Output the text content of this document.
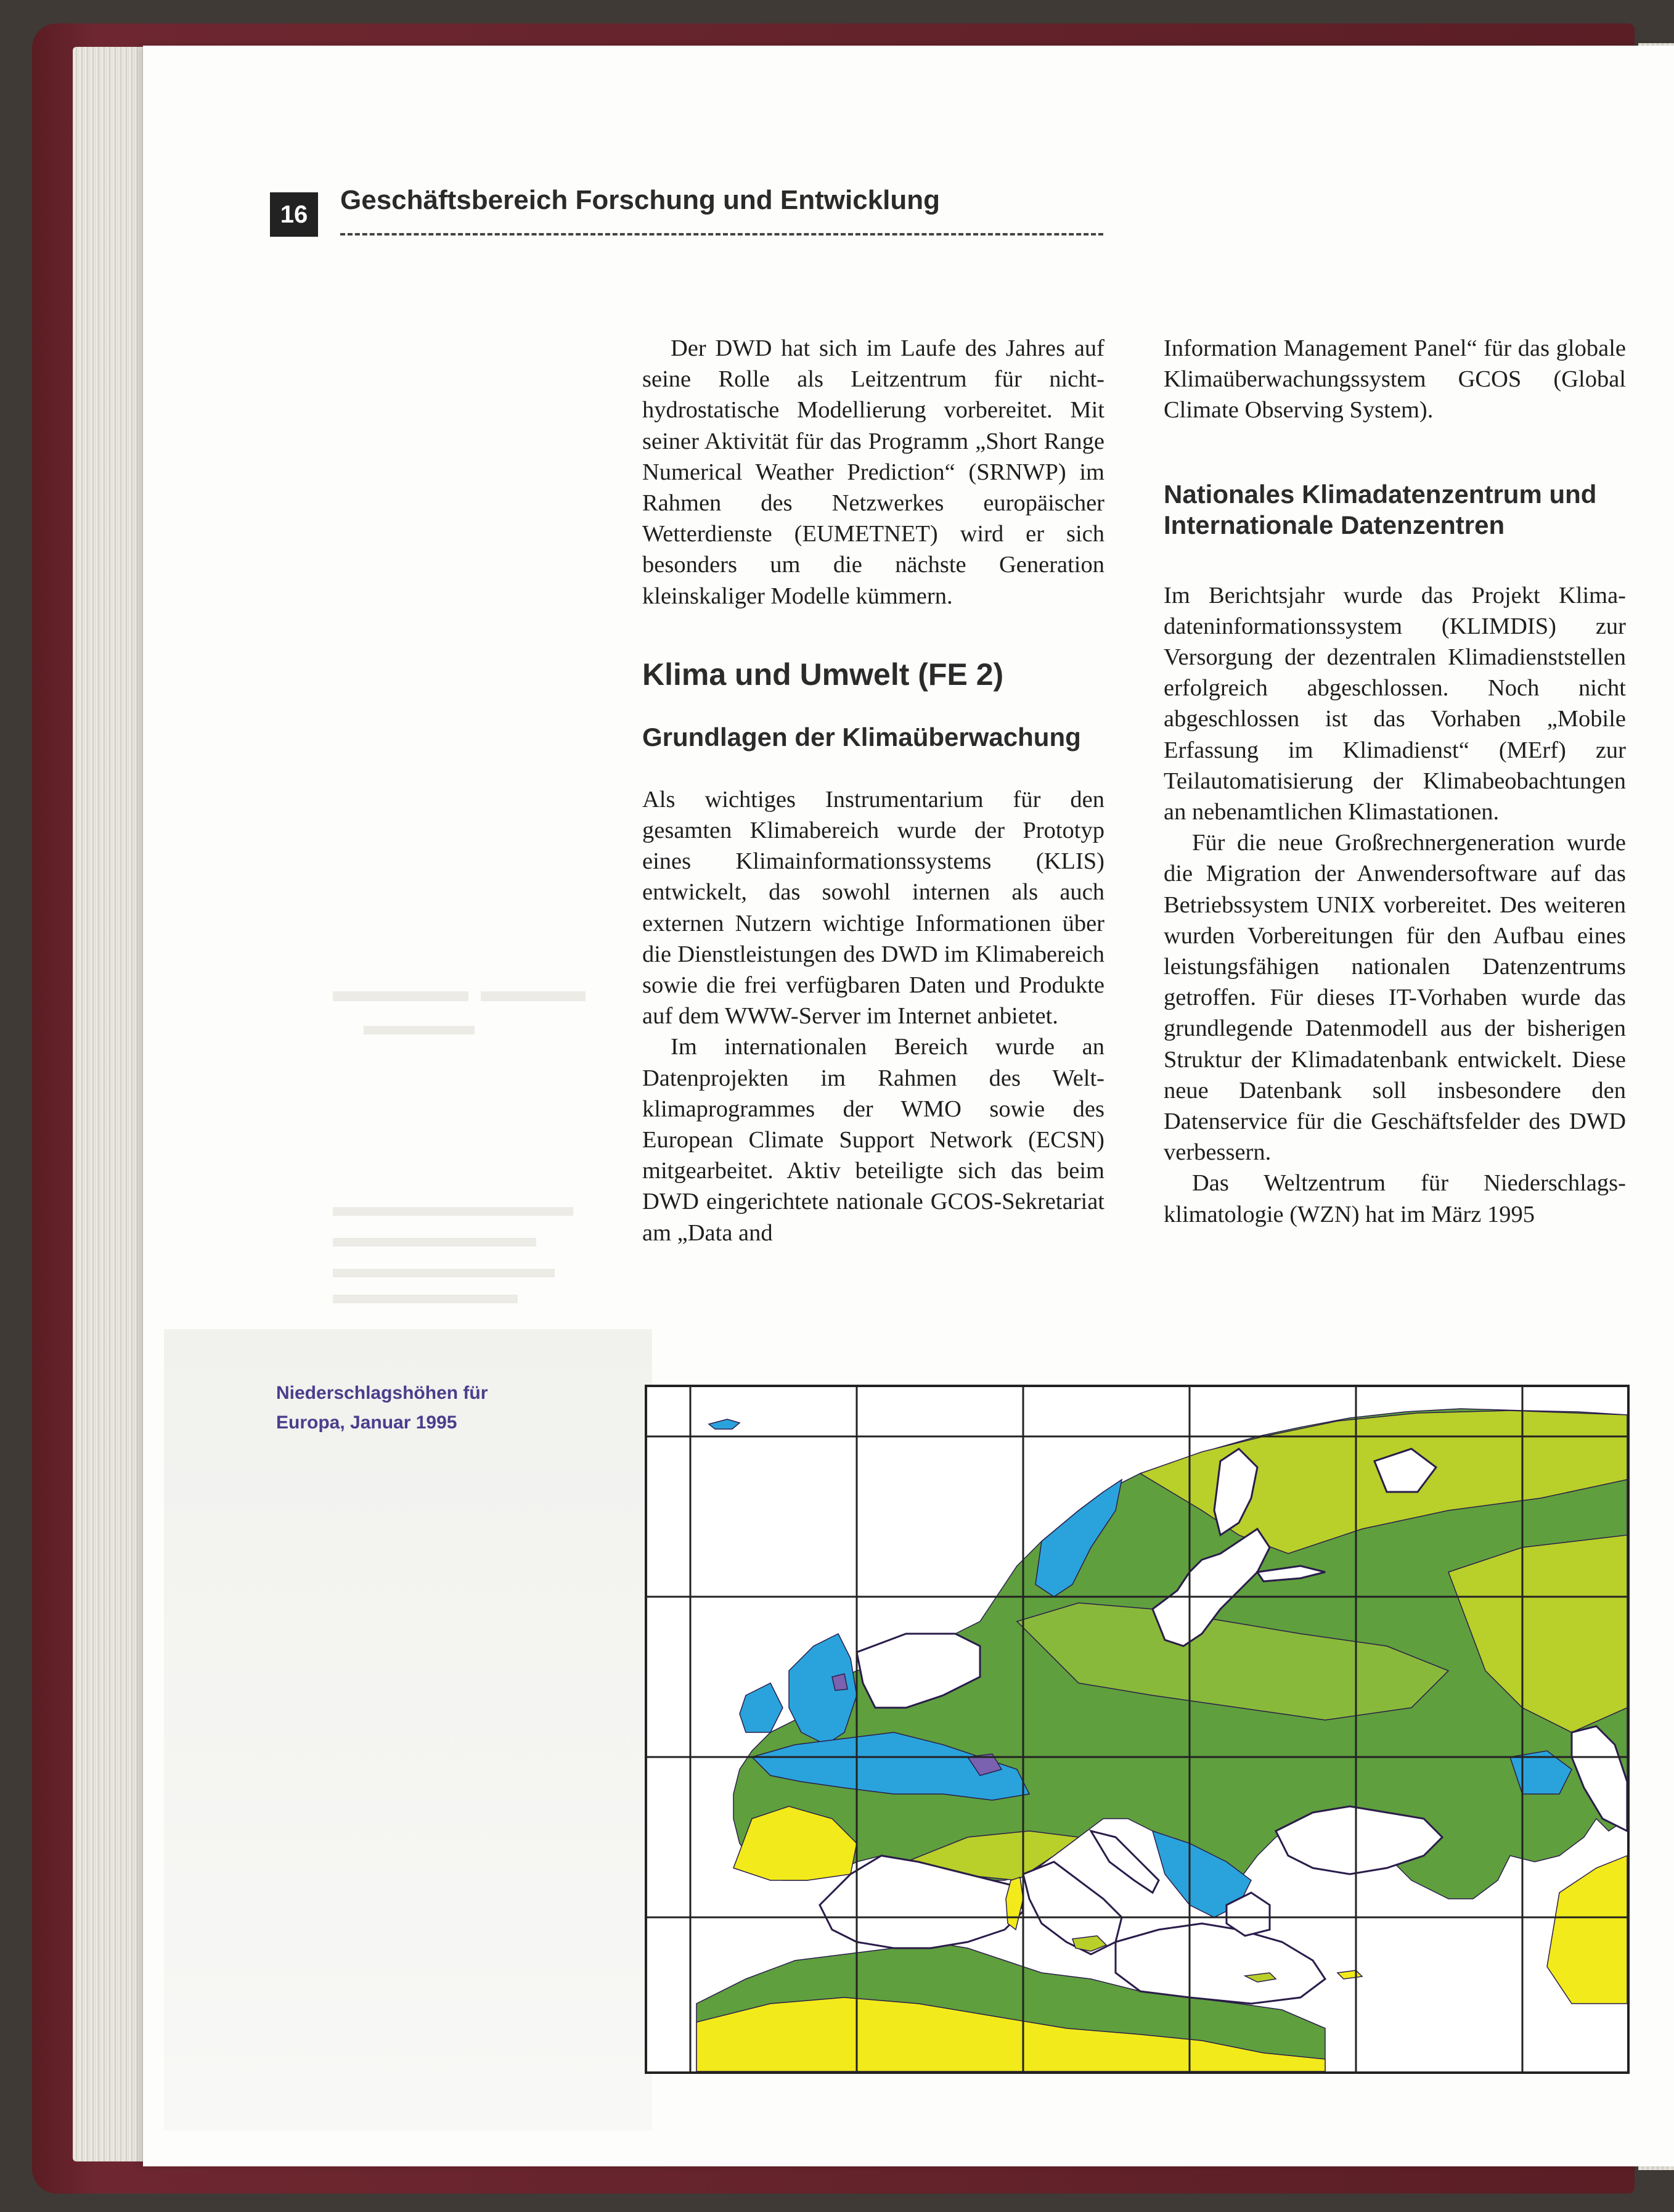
16	Geschäftsbereich Forschung und Entwicklung

Der DWD hat sich im Laufe des Jahres auf seine Rolle als Leitzentrum für nichthydrostatische Modellierung vorbereitet. Mit seiner Aktivität für das Programm „Short Range Numerical Weather Prediction“ (SRNWP) im Rahmen des Netzwerkes europäischer Wetterdienste (EUMETNET) wird er sich besonders um die nächste Generation kleinskaliger Modelle kümmern.

Klima und Umwelt (FE 2)
Grundlagen der Klimaüberwachung

Als wichtiges Instrumentarium für den gesamten Klimabereich wurde der Prototyp eines Klimainformationssystems (KLIS) entwickelt, das sowohl internen als auch externen Nutzern wichtige Informationen über die Dienstleistungen des DWD im Klimabereich sowie die frei verfügbaren Daten und Produkte auf dem WWW-Server im Internet anbietet.

Im internationalen Bereich wurde an Datenprojekten im Rahmen des Weltklimaprogrammes der WMO sowie des European Climate Support Network (ECSN) mitgearbeitet. Aktiv beteiligte sich das beim DWD eingerichtete nationale GCOS-Sekretariat am „Data and

Information Management Panel“ für das globale Klimaüberwachungssystem GCOS (Global Climate Observing System).

Nationales Klimadatenzentrum und Internationale Datenzentren

Im Berichtsjahr wurde das Projekt Klimadateninformationssystem (KLIMDIS) zur Versorgung der dezentralen Klimadienststellen erfolgreich abgeschlossen. Noch nicht abgeschlossen ist das Vorhaben „Mobile Erfassung im Klimadienst“ (MErf) zur Teilautomatisierung der Klimabeobachtungen an nebenamtlichen Klimastationen.

Für die neue Großrechnergeneration wurde die Migration der Anwendersoftware auf das Betriebssystem UNIX vorbereitet. Des weiteren wurden Vorbereitungen für den Aufbau eines leistungsfähigen nationalen Datenzentrums getroffen. Für dieses IT-Vorhaben wurde das grundlegende Datenmodell aus der bisherigen Struktur der Klimadatenbank entwickelt. Diese neue Datenbank soll insbesondere den Datenservice für die Geschäftsfelder des DWD verbessern.

Das Weltzentrum für Niederschlagsklimatologie (WZN) hat im März 1995

Niederschlagshöhen für
Europa, Januar 1995
